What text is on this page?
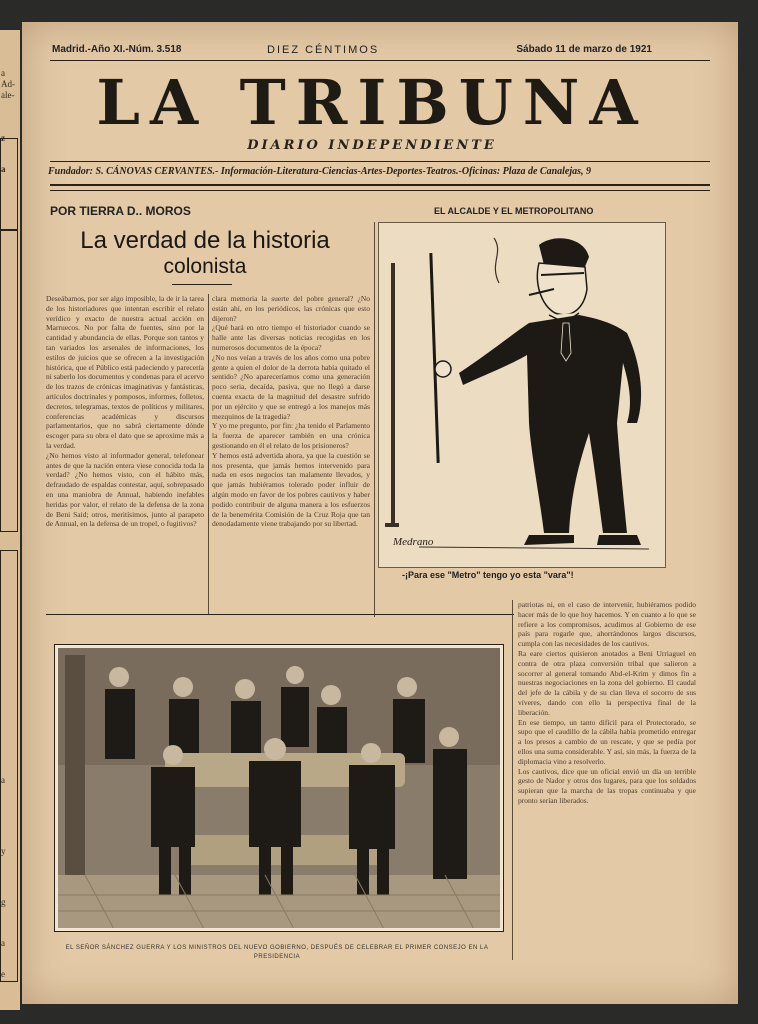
a
Ad-
ale-
z
a
a
y
g
a
e
Madrid.-Año XI.-Núm. 3.518	DIEZ CÉNTIMOS	Sábado 11 de marzo de 1921
LA TRIBUNA
DIARIO INDEPENDIENTE
Fundador: S. CÁNOVAS CERVANTES.- Información-Literatura-Ciencias-Artes-Deportes-Teatros.-Oficinas: Plaza de Canalejas, 9
POR TIERRA D.. MOROS	EL ALCALDE Y EL METROPOLITANO
La verdad de la historia
colonista
Deseábamos, por ser algo imposible, la de ir la tarea de los historiadores que intentan escribir el relato verídico y exacto de nuestra actual acción en Marruecos. No por falta de fuentes, sino por la cantidad y abundancia de ellas. Porque son tantos y tan variados los arsenales de informaciones, los estilos de juicios que se ofrecen a la investigación histórica, que el Público está padeciendo y parecería ni saberlo los documentos y condenas para el acervo de los trazos de crónicas imaginativas y fantásticas, artículos doctrinales y pomposos, informes, folletos, decretos, telegramas, textos de políticos y militares, conferencias académicas y discursos parlamentarios, que no sabrá ciertamente dónde escoger para su obra el dato que se aproxime más a la verdad.
¿No hemos visto al informador general, telefonear antes de que la nación entera viese conocida toda la verdad? ¿No hemos visto, con el hábito más, defraudado de espaldas contestar, aquí, sobrepasado en una maniobra de Annual, habiendo inefables heridas por valor, el relato de la defensa de la zona de Beni Said; otros, meritísimos, junto al parapeto de Annual, en la defensa de un tropel, o fugitivos?
clara memoria la suerte del pobre general? ¿No están ahí, en los periódicos, las crónicas que esto dijeron?
¿Qué hará en otro tiempo el historiador cuando se halle ante las diversas noticias recogidas en los numerosos documentos de la época?
¿No nos veían a través de los años como una pobre gente a quien el dolor de la derrota había quitado el sentido? ¿No apareceríamos como una generación poco seria, decaída, pasiva, que no llegó a darse cuenta exacta de la magnitud del desastre sufrido por un ejército y que se entregó a los manejos más mezquinos de la tragedia?
Y yo me pregunto, por fin: ¿ha tenido el Parlamento la fuerza de aparecer también en una crónica gestionando en él el relato de los prisioneros?
Y hemos está advertida ahora, ya que la cuestión se nos presenta, que jamás hemos intervenido para nada en esos negocios tan malamente llevados, y que jamás hubiéramos tolerado poder influir de algún modo en favor de los pobres cautivos y haber podido contribuir de alguna manera a los esfuerzos de la benemérita Comisión de la Cruz Roja que tan denodadamente viene trabajando por su libertad.
Medrano
-¡Para ese "Metro" tengo yo esta "vara"!
patriotas ni, en el caso de intervenir, hubiéramos podido hacer más de lo que hoy hacemos. Y en cuanto a lo que se refiere a los compromisos, acudimos al Gobierno de ese país para rogarle que, ahorrándonos largos discursos, cumpla con las necesidades de los cautivos.
Ra eare ciertos quisieron anotados a Beni Urriaguel en contra de otra plaza conversión tribal que salieron a socorrer al general tomando Abd-el-Krim y dimos fin a nuestras negociaciones en la zona del gobierno. El caudal del jefe de la cábila y de su clan lleva el socorro de sus víveres, dando con ello la perspectiva final de la liberación.
En ese tiempo, un tanto difícil para el Protectorado, se supo que el caudillo de la cábila había prometido entregar a los presos a cambio de un rescate, y que se pedía por ellos una suma considerable. Y así, sin más, la fuerza de la diplomacia vino a resolverlo.
Los cautivos, dice que un oficial envió un día un terrible gesto de Nador y otros dos lugares, para que los soldados supieran que la marcha de las tropas continuaba y que pronto serían liberados.
EL SEÑOR SÁNCHEZ GUERRA Y LOS MINISTROS DEL NUEVO GOBIERNO, DESPUÉS DE CELEBRAR EL PRIMER CONSEJO EN LA PRESIDENCIA
